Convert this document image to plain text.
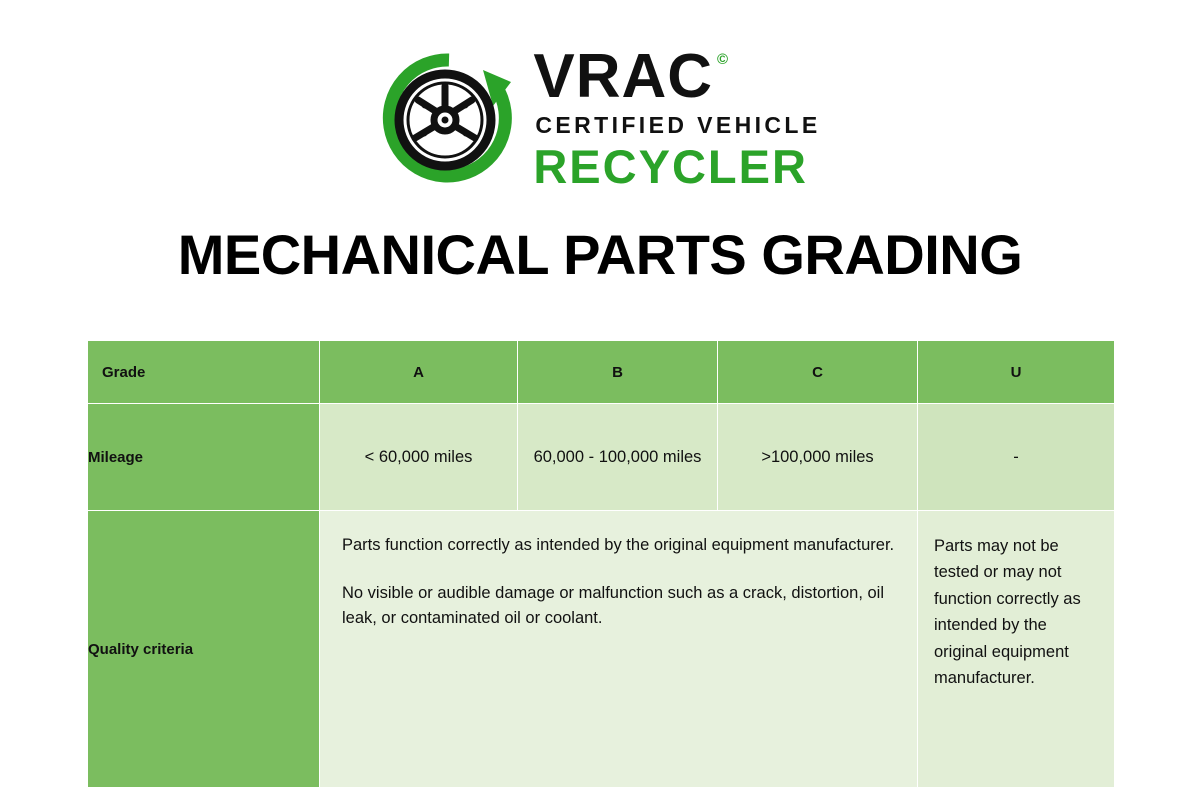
VRAC ©
CERTIFIED VEHICLE
RECYCLER
MECHANICAL PARTS GRADING
Grade	A	B	C	U
Mileage	< 60,000 miles	60,000 - 100,000 miles	>100,000 miles	-
Quality criteria	Parts function correctly as intended by the original equipment manufacturer.

No visible or audible damage or malfunction such as a crack, distortion, oil leak, or contaminated oil or coolant.			Parts may not be tested or may not function correctly as intended by the original equipment manufacturer.
